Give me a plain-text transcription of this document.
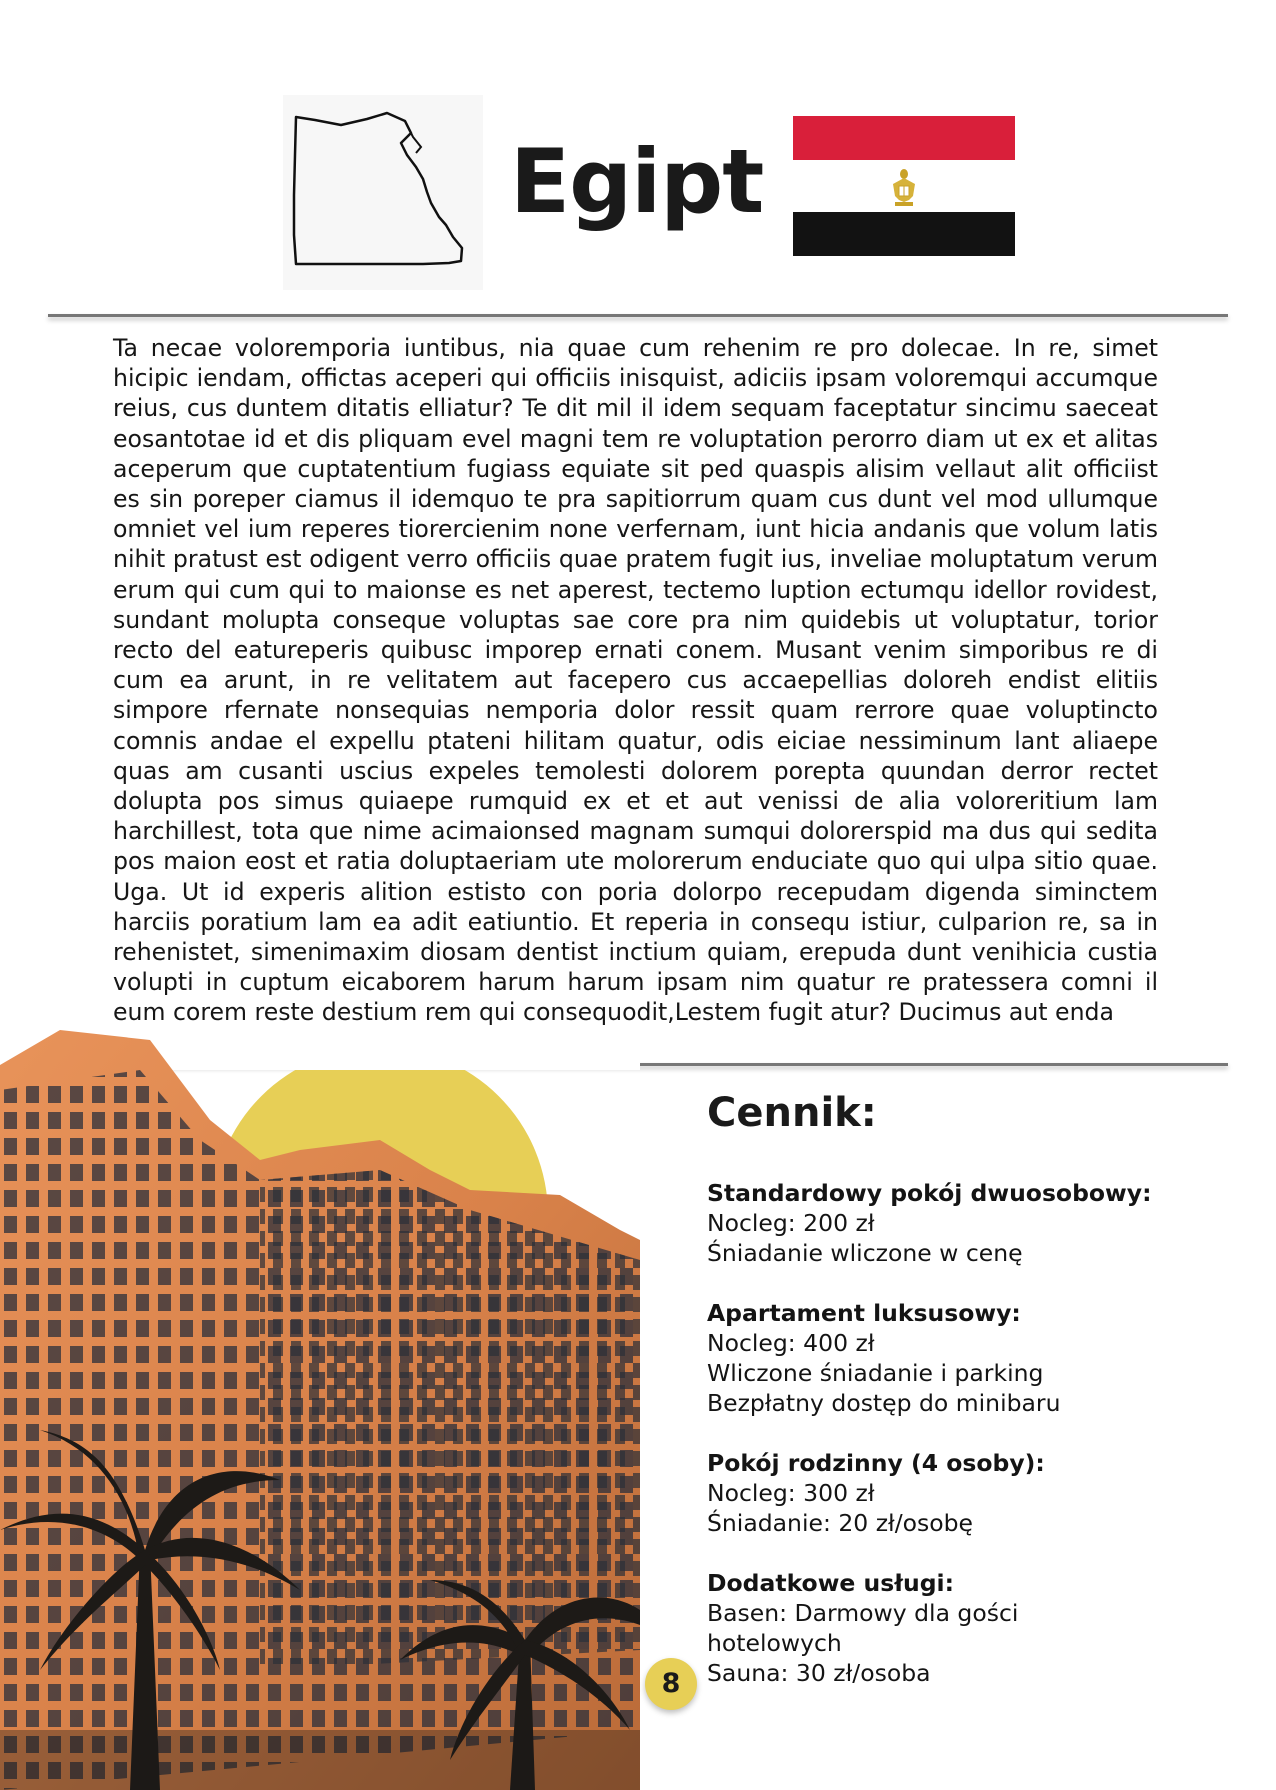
Egipt

Ta necae voloremporia iuntibus, nia quae cum rehenim re pro dolecae. In re, simet hicipic iendam, offictas aceperi qui officiis inisquist, adiciis ipsam voloremqui accumque reius, cus duntem ditatis elliatur? Te dit mil il idem sequam faceptatur sincimu saeceat eosantotae id et dis pliquam evel magni tem re voluptation perorro diam ut ex et alitas aceperum que cuptatentium fugiass equiate sit ped quaspis alisim vellaut alit officiist es sin poreper ciamus il idemquo te pra sapitiorrum quam cus dunt vel mod ullumque omniet vel ium reperes tiorercienim none verfernam, iunt hicia andanis que volum latis nihit pratust est odigent verro officiis quae pratem fugit ius, inveliae moluptatum verum erum qui cum qui to maionse es net aperest, tectemo luption ectumqu idellor rovidest, sundant molupta conseque voluptas sae core pra nim quidebis ut voluptatur, torior recto del eatureperis quibusc imporep ernati conem. Musant venim simporibus re di cum ea arunt, in re velitatem aut facepero cus accaepellias doloreh endist elitiis simpore rfernate nonsequias nemporia dolor ressit quam rerrore quae voluptincto comnis andae el expellu ptateni hilitam quatur, odis eiciae nessiminum lant aliaepe quas am cusanti uscius expeles temolesti dolorem porepta quundan derror rectet dolupta pos simus quiaepe rumquid ex et et aut venissi de alia voloreritium lam harchillest, tota que nime acimaionsed magnam sumqui dolorerspid ma dus qui sedita pos maion eost et ratia doluptaeriam ute molorerum enduciate quo qui ulpa sitio quae. Uga. Ut id experis alition estisto con poria dolorpo recepudam digenda siminctem harciis poratium lam ea adit eatiuntio. Et reperia in consequ istiur, culparion re, sa in rehenistet, simenimaxim diosam dentist inctium quiam, erepuda dunt venihicia custia volupti in cuptum eicaborem harum harum ipsam nim quatur re pratessera comni il eum corem reste destium rem qui consequodit,Lestem fugit atur? Ducimus aut enda

Cennik:
Standardowy pokój dwuosobowy:
Nocleg: 200 zł
Śniadanie wliczone w cenę
Apartament luksusowy:
Nocleg: 400 zł
Wliczone śniadanie i parking
Bezpłatny dostęp do minibaru
Pokój rodzinny (4 osoby):
Nocleg: 300 zł
Śniadanie: 20 zł/osobę
Dodatkowe usługi:
Basen: Darmowy dla gości
hotelowych
Sauna: 30 zł/osoba
8
